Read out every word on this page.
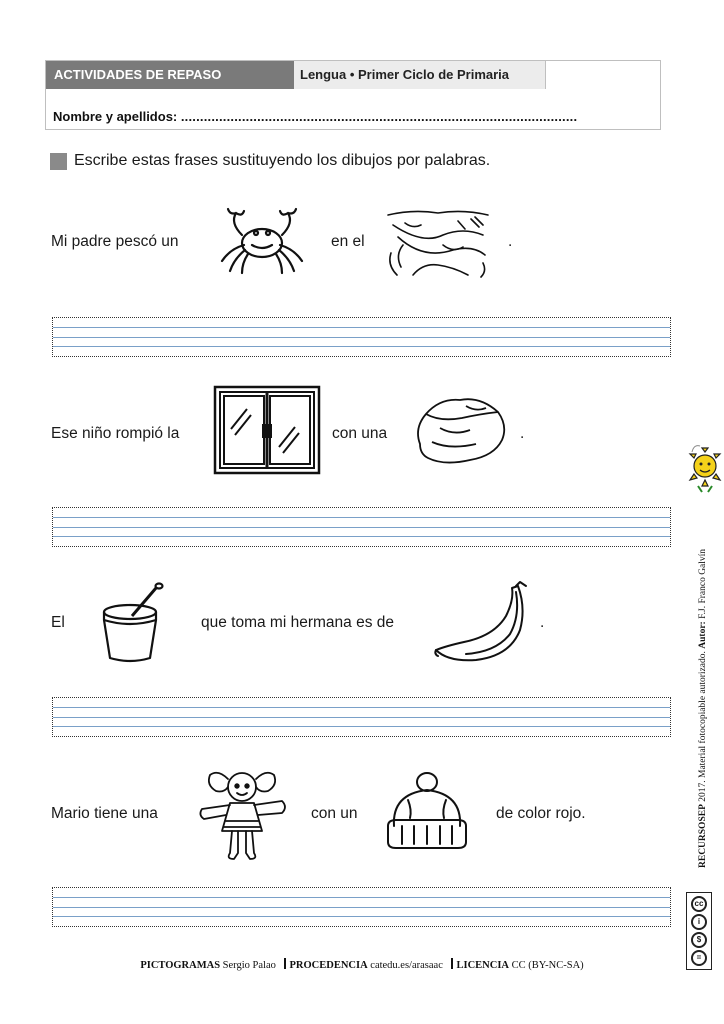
ACTIVIDADES DE REPASO	Lengua • Primer Ciclo de Primaria
Nombre y apellidos: ........................................................................................................
Escribe estas frases sustituyendo los dibujos por palabras.
Mi padre pescó un	en el	.
Ese niño rompió la	con una	.
El	que toma mi hermana es de	.
Mario tiene una	con un	de color rojo.	RECURSOSEP 2017. Material fotocopiable autorizado. Autor: F.J. Franco Galvín
cc
i
$
=
PICTOGRAMAS Sergio Palao PROCEDENCIA catedu.es/arasaac LICENCIA CC (BY-NC-SA)
